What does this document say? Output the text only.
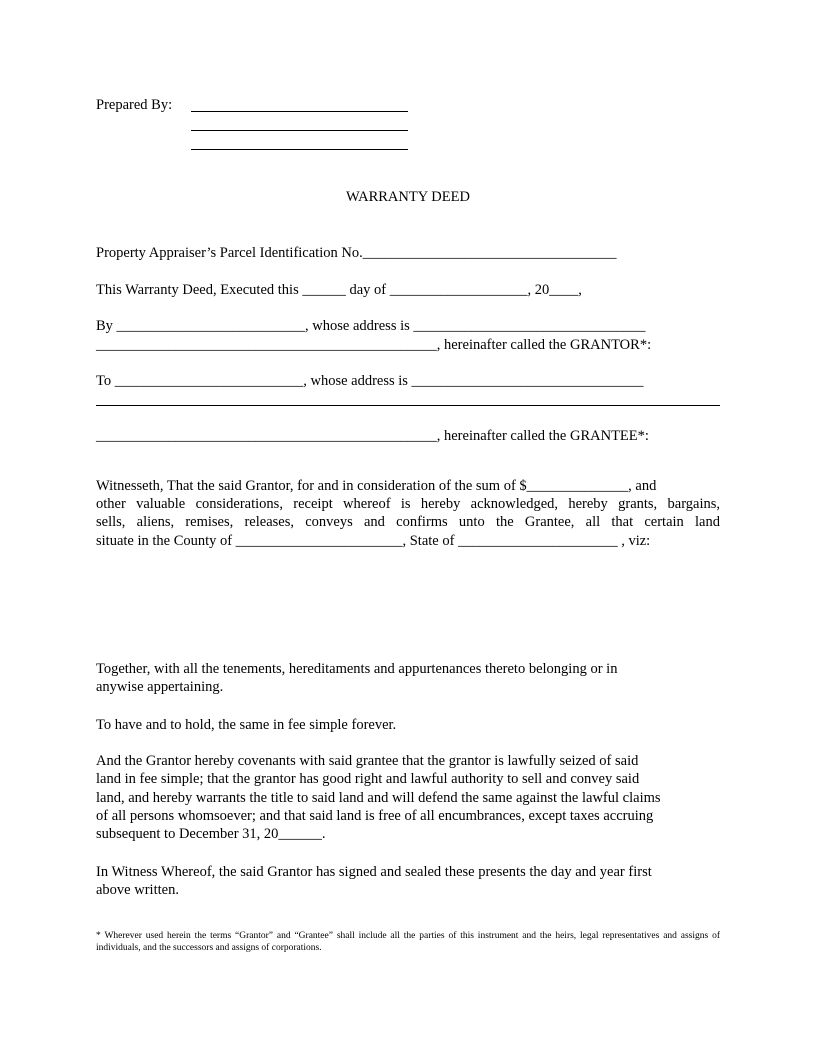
Prepared By:
WARRANTY DEED
Property Appraiser’s Parcel Identification No.___________________________________
This Warranty Deed, Executed this ______ day of ___________________, 20____,
By __________________________, whose address is ________________________________
_______________________________________________, hereinafter called the GRANTOR*:
To __________________________, whose address is ________________________________
_______________________________________________, hereinafter called the GRANTEE*:
Witnesseth, That the said Grantor, for and in consideration of the sum of $______________, and
other valuable considerations, receipt whereof is hereby acknowledged, hereby grants, bargains,
sells, aliens, remises, releases, conveys and confirms unto the Grantee, all that certain land
situate in the County of _______________________, State of ______________________ , viz:
Together, with all the tenements, hereditaments and appurtenances thereto belonging or in
anywise appertaining.
To have and to hold, the same in fee simple forever.
And the Grantor hereby covenants with said grantee that the grantor is lawfully seized of said
land in fee simple; that the grantor has good right and lawful authority to sell and convey said
land, and hereby warrants the title to said land and will defend the same against the lawful claims
of all persons whomsoever; and that said land is free of all encumbrances, except taxes accruing
subsequent to December 31, 20______.
In Witness Whereof, the said Grantor has signed and sealed these presents the day and year first
above written.
* Wherever used herein the terms “Grantor” and “Grantee” shall include all the parties of this instrument and the heirs, legal representatives and assigns of individuals, and the successors and assigns of corporations.
